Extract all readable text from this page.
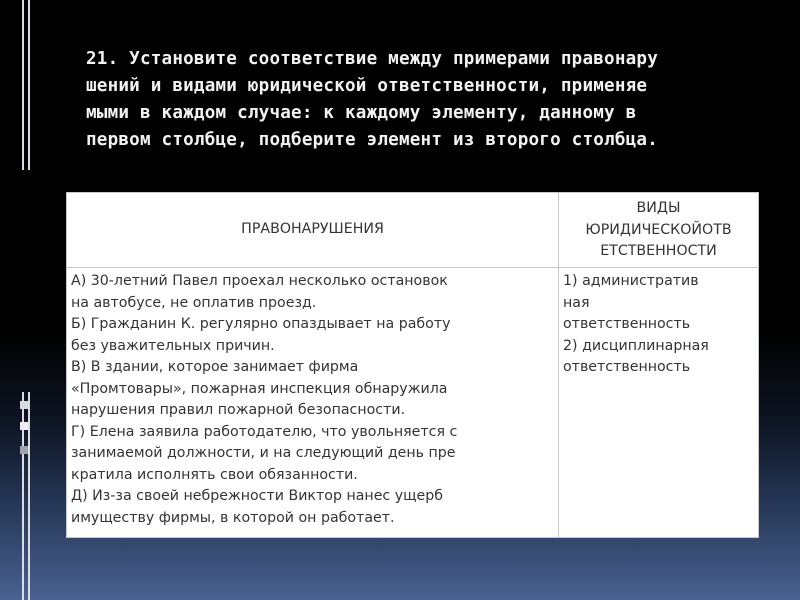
21. Установите соответствие между примерами правонару
шений и видами юридической ответственности, применяе
мыми в каждом случае: к каждому элементу, данному в
первом столбце, подберите элемент из второго столбца.
ПРАВОНАРУШЕНИЯ
ВИДЫ
ЮРИДИЧЕСКОЙОТВ
ЕТСТВЕННОСТИ
А) 30-летний Павел проехал несколько остановок
на автобусе, не оплатив проезд.
Б) Гражданин К. регулярно опаздывает на работу
без уважительных причин.
В) В здании, которое занимает фирма
«Промтовары», пожарная инспекция обнаружила
нарушения правил пожарной безопасности.
Г) Елена заявила работодателю, что увольняется с
занимаемой должности, и на следующий день пре
кратила исполнять свои обязанности.
Д) Из-за своей небрежности Виктор нанес ущерб
имуществу фирмы, в которой он работает.
1) административ
ная
ответственность
2) дисциплинарная
ответственность
